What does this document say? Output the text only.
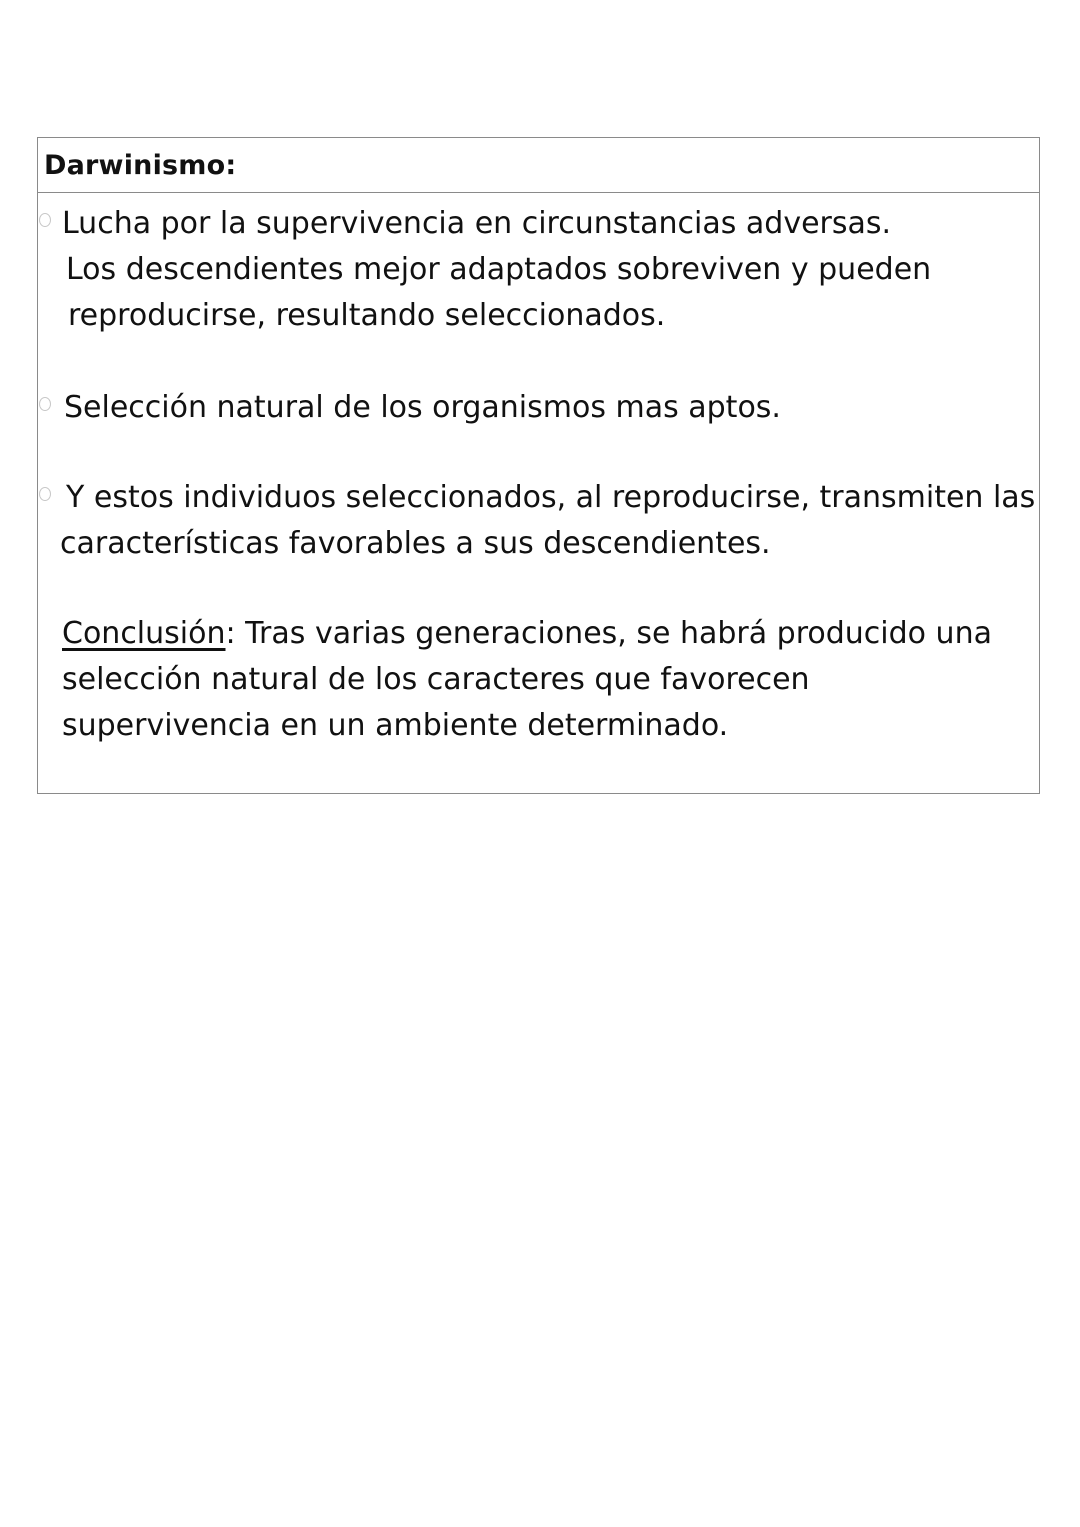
Darwinismo:
Lucha por la supervivencia en circunstancias adversas.
Los descendientes mejor adaptados sobreviven y pueden
reproducirse, resultando seleccionados.
Selección natural de los organismos mas aptos.
Y estos individuos seleccionados, al reproducirse, transmiten las
características favorables a sus descendientes.
Conclusión: Tras varias generaciones, se habrá producido una
selección natural de los caracteres que favorecen
supervivencia en un ambiente determinado.
